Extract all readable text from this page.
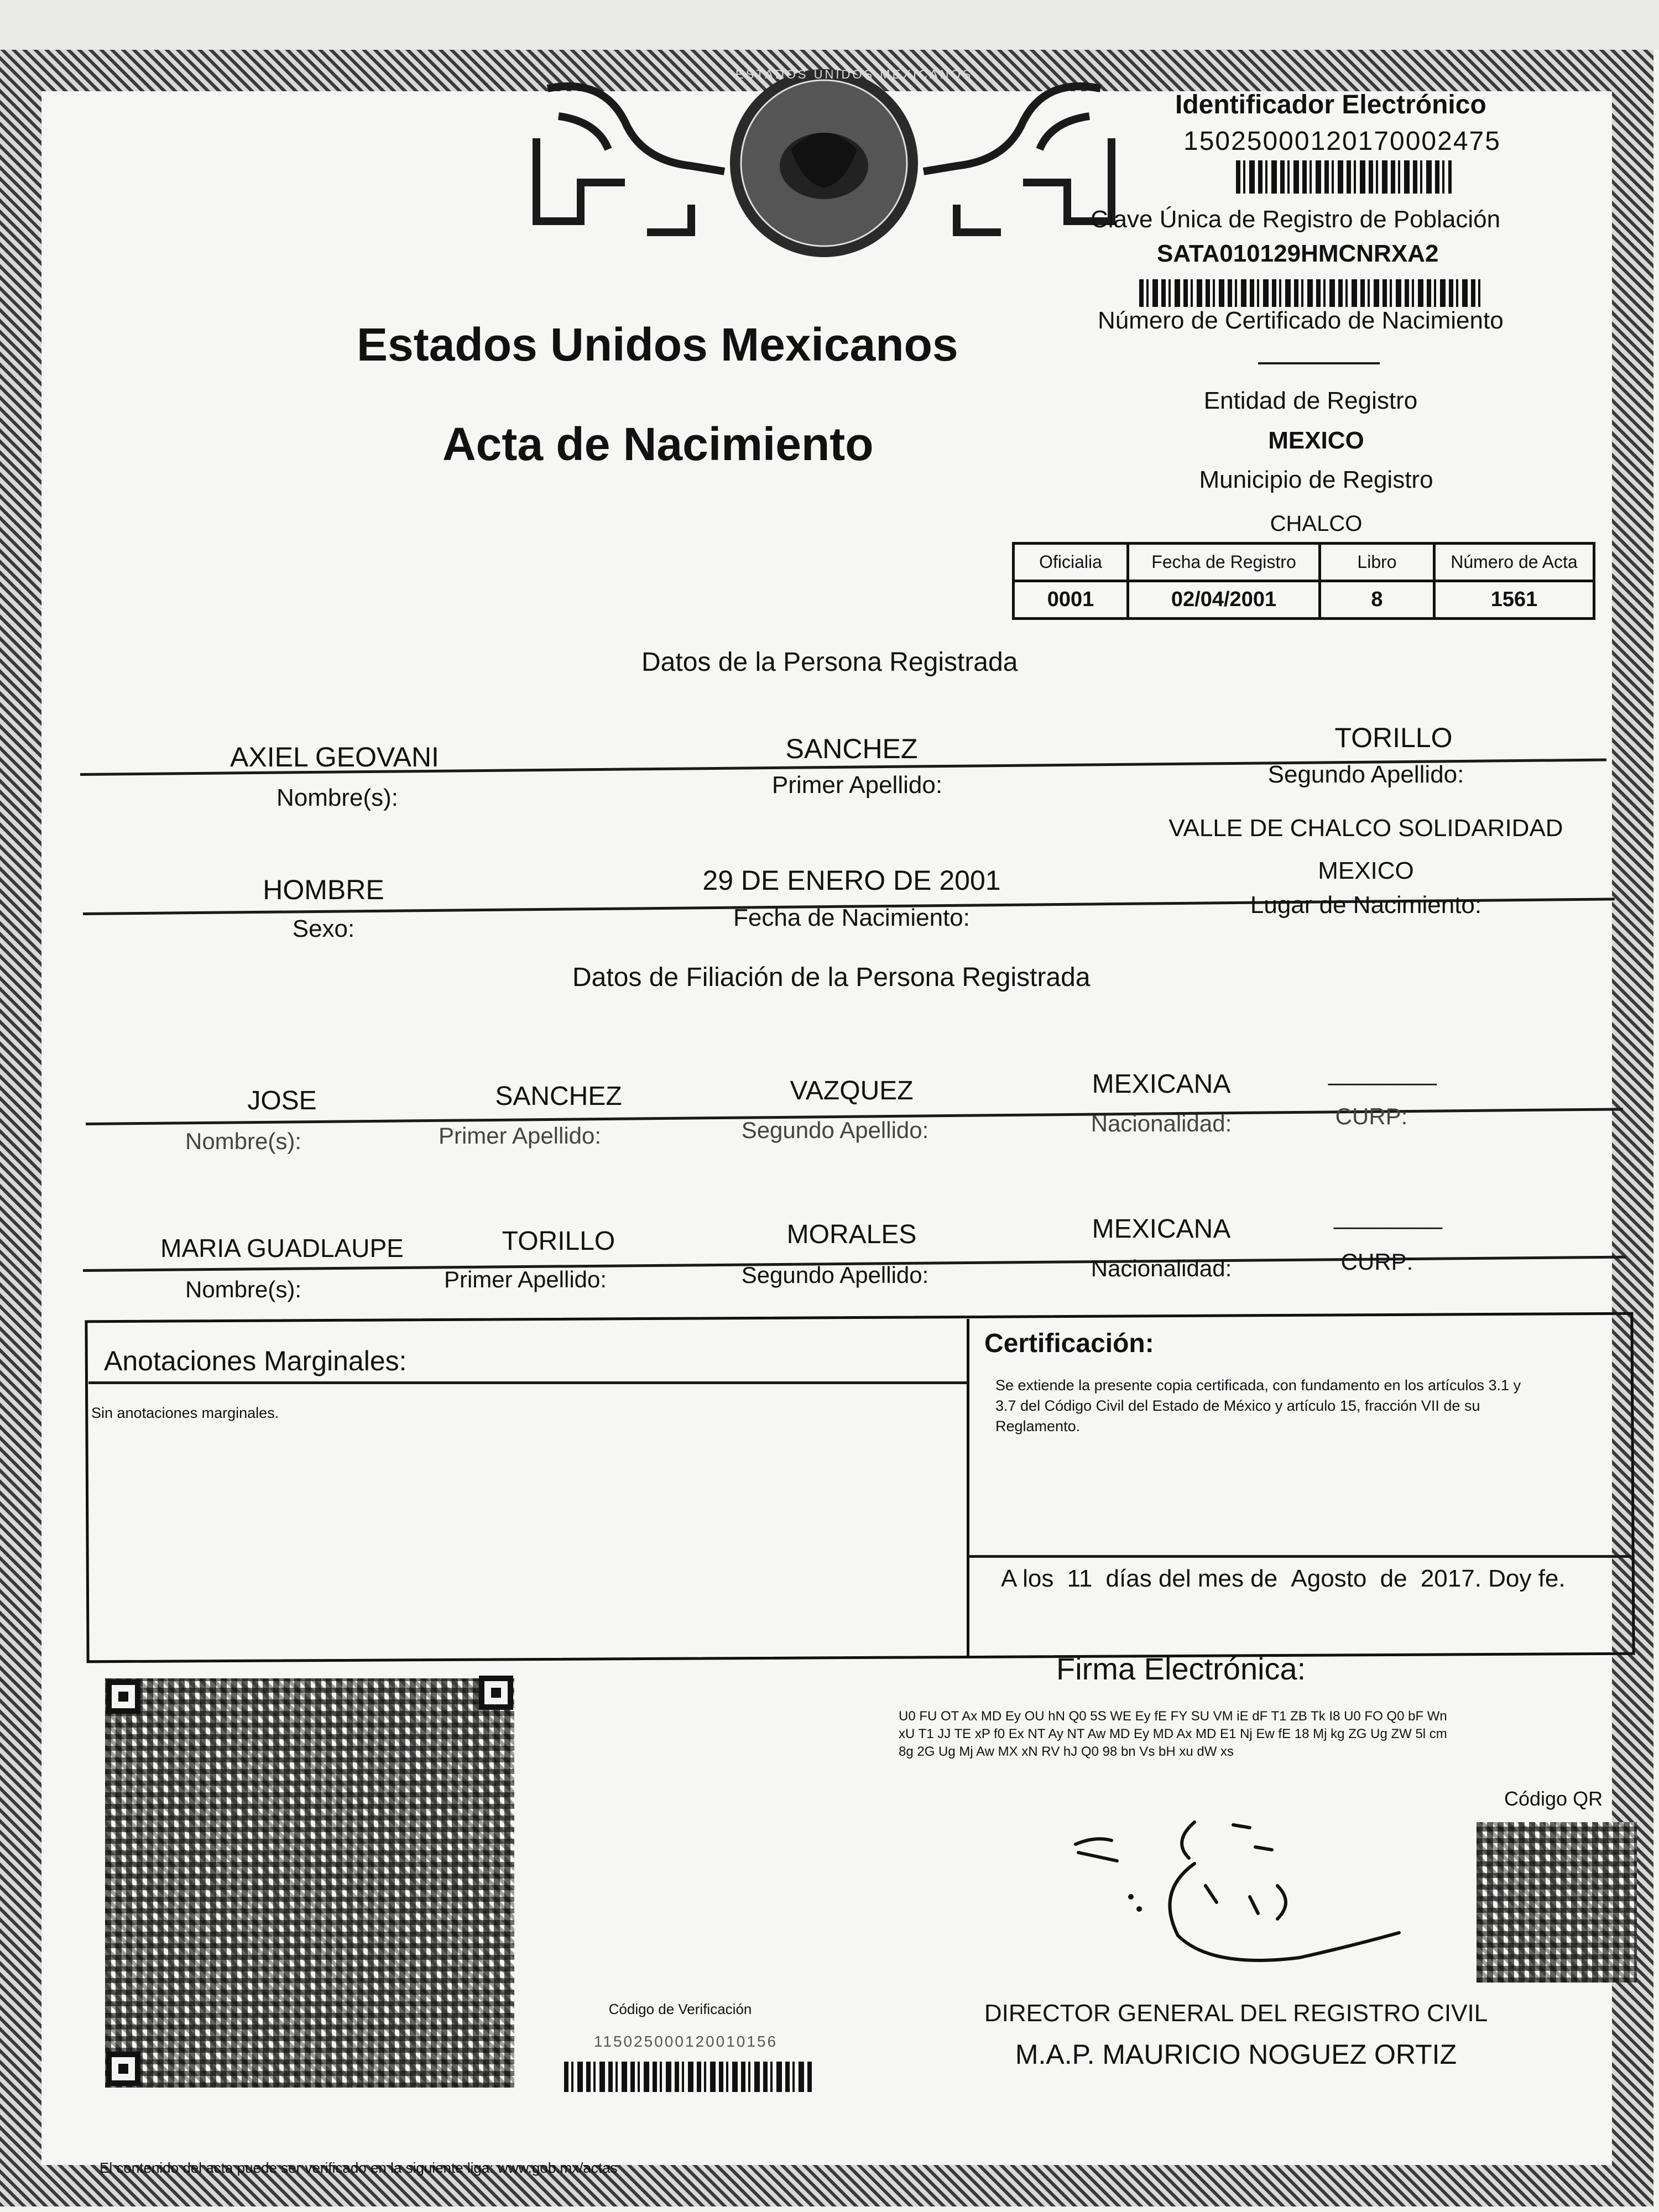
ESTADOS UNIDOS MEXICANOS
Estados Unidos Mexicanos
Acta de Nacimiento
Identificador Electrónico
15025000120170002475
Clave Única de Registro de Población
SATA010129HMCNRXA2
Número de Certificado de Nacimiento
Entidad de Registro
MEXICO
Municipio de Registro
CHALCO
Oficialia	Fecha de Registro	Libro	Número de Acta
0001	02/04/2001	8	1561
Datos de la Persona Registrada
AXIEL GEOVANI	SANCHEZ	TORILLO
Nombre(s):	Primer Apellido:	Segundo Apellido:
HOMBRE	29 DE ENERO DE 2001
VALLE DE CHALCO SOLIDARIDAD
MEXICO
Sexo:	Fecha de Nacimiento:	Lugar de Nacimiento:
Datos de Filiación de la Persona Registrada
JOSE	SANCHEZ	VAZQUEZ	MEXICANA	________
Nombre(s):	Primer Apellido:	Segundo Apellido:	Nacionalidad:	CURP:
MARIA GUADLAUPE	TORILLO	MORALES	MEXICANA	________
Nombre(s):	Primer Apellido:	Segundo Apellido:	Nacionalidad:	CURP:
Anotaciones Marginales:
Sin anotaciones marginales.
Certificación:
Se extiende la presente copia certificada, con fundamento en los artículos 3.1 y
3.7 del Código Civil del Estado de México y artículo 15, fracción VII de su
Reglamento.
A los 11 días del mes de Agosto de 2017. Doy fe.
Firma Electrónica:
U0 FU OT Ax MD Ey OU hN Q0 5S WE Ey fE FY SU VM iE dF T1 ZB Tk I8 U0 FO Q0 bF Wn
xU T1 JJ TE xP f0 Ex NT Ay NT Aw MD Ey MD Ax MD E1 Nj Ew fE 18 Mj kg ZG Ug ZW 5l cm
8g 2G Ug Mj Aw MX xN RV hJ Q0 98 bn Vs bH xu dW xs
Código de Verificación
115025000120010156
Código QR
DIRECTOR GENERAL DEL REGISTRO CIVIL
M.A.P. MAURICIO NOGUEZ ORTIZ
El contenido del acta puede ser verificado en la siguiente liga: www.gob.mx/actas
